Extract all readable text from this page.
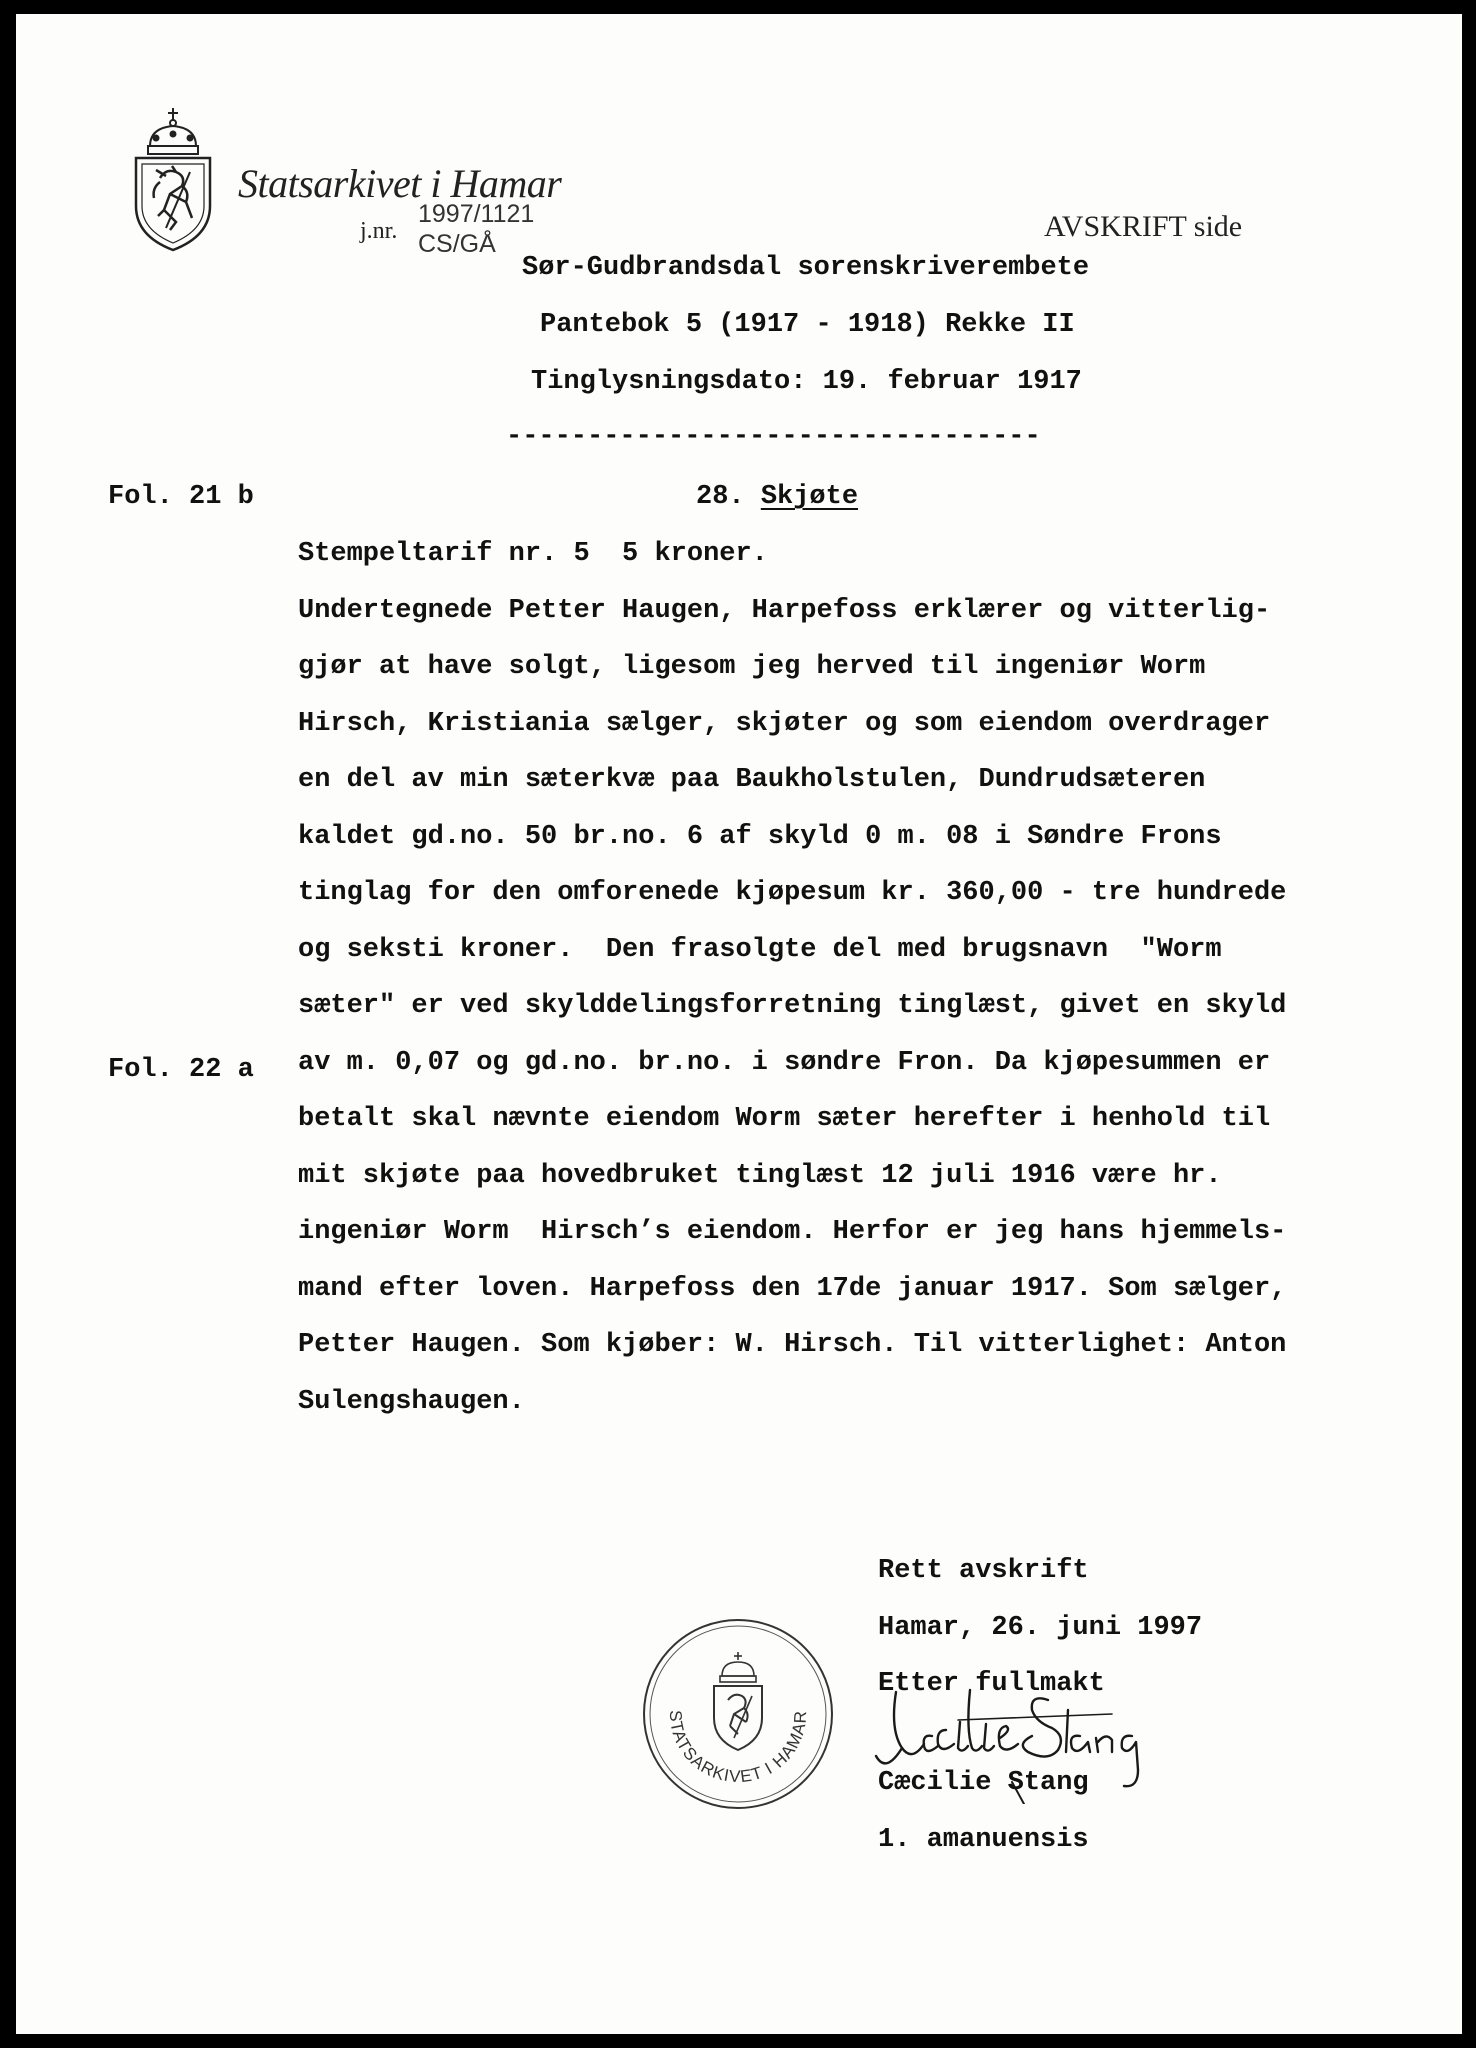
Statsarkivet i Hamar
j.nr.
1997/1121
CS/GÅ
AVSKRIFT side
Sør-Gudbrandsdal sorenskriverembete
Pantebok 5 (1917 - 1918) Rekke II
Tinglysningsdato: 19. februar 1917
---------------------------------
Fol. 21 b
Fol. 22 a
28. Skjøte
Stempeltarif nr. 5  5 kroner.
Undertegnede Petter Haugen, Harpefoss erklærer og vitterlig-
gjør at have solgt, ligesom jeg herved til ingeniør Worm
Hirsch, Kristiania sælger, skjøter og som eiendom overdrager
en del av min sæterkvæ paa Baukholstulen, Dundrudsæteren
kaldet gd.no. 50 br.no. 6 af skyld 0 m. 08 i Søndre Frons
tinglag for den omforenede kjøpesum kr. 360,00 - tre hundrede
og seksti kroner.  Den frasolgte del med brugsnavn  "Worm
sæter" er ved skylddelingsforretning tinglæst, givet en skyld
av m. 0,07 og gd.no. br.no. i søndre Fron. Da kjøpesummen er
betalt skal nævnte eiendom Worm sæter herefter i henhold til
mit skjøte paa hovedbruket tinglæst 12 juli 1916 være hr.
ingeniør Worm  Hirsch’s eiendom. Herfor er jeg hans hjemmels-
mand efter loven. Harpefoss den 17de januar 1917. Som sælger,
Petter Haugen. Som kjøber: W. Hirsch. Til vitterlighet: Anton
Sulengshaugen.
STATSARKIVET I HAMAR
Rett avskrift
Hamar, 26. juni 1997
Etter fullmakt
Cæcilie Stang
1. amanuensis
